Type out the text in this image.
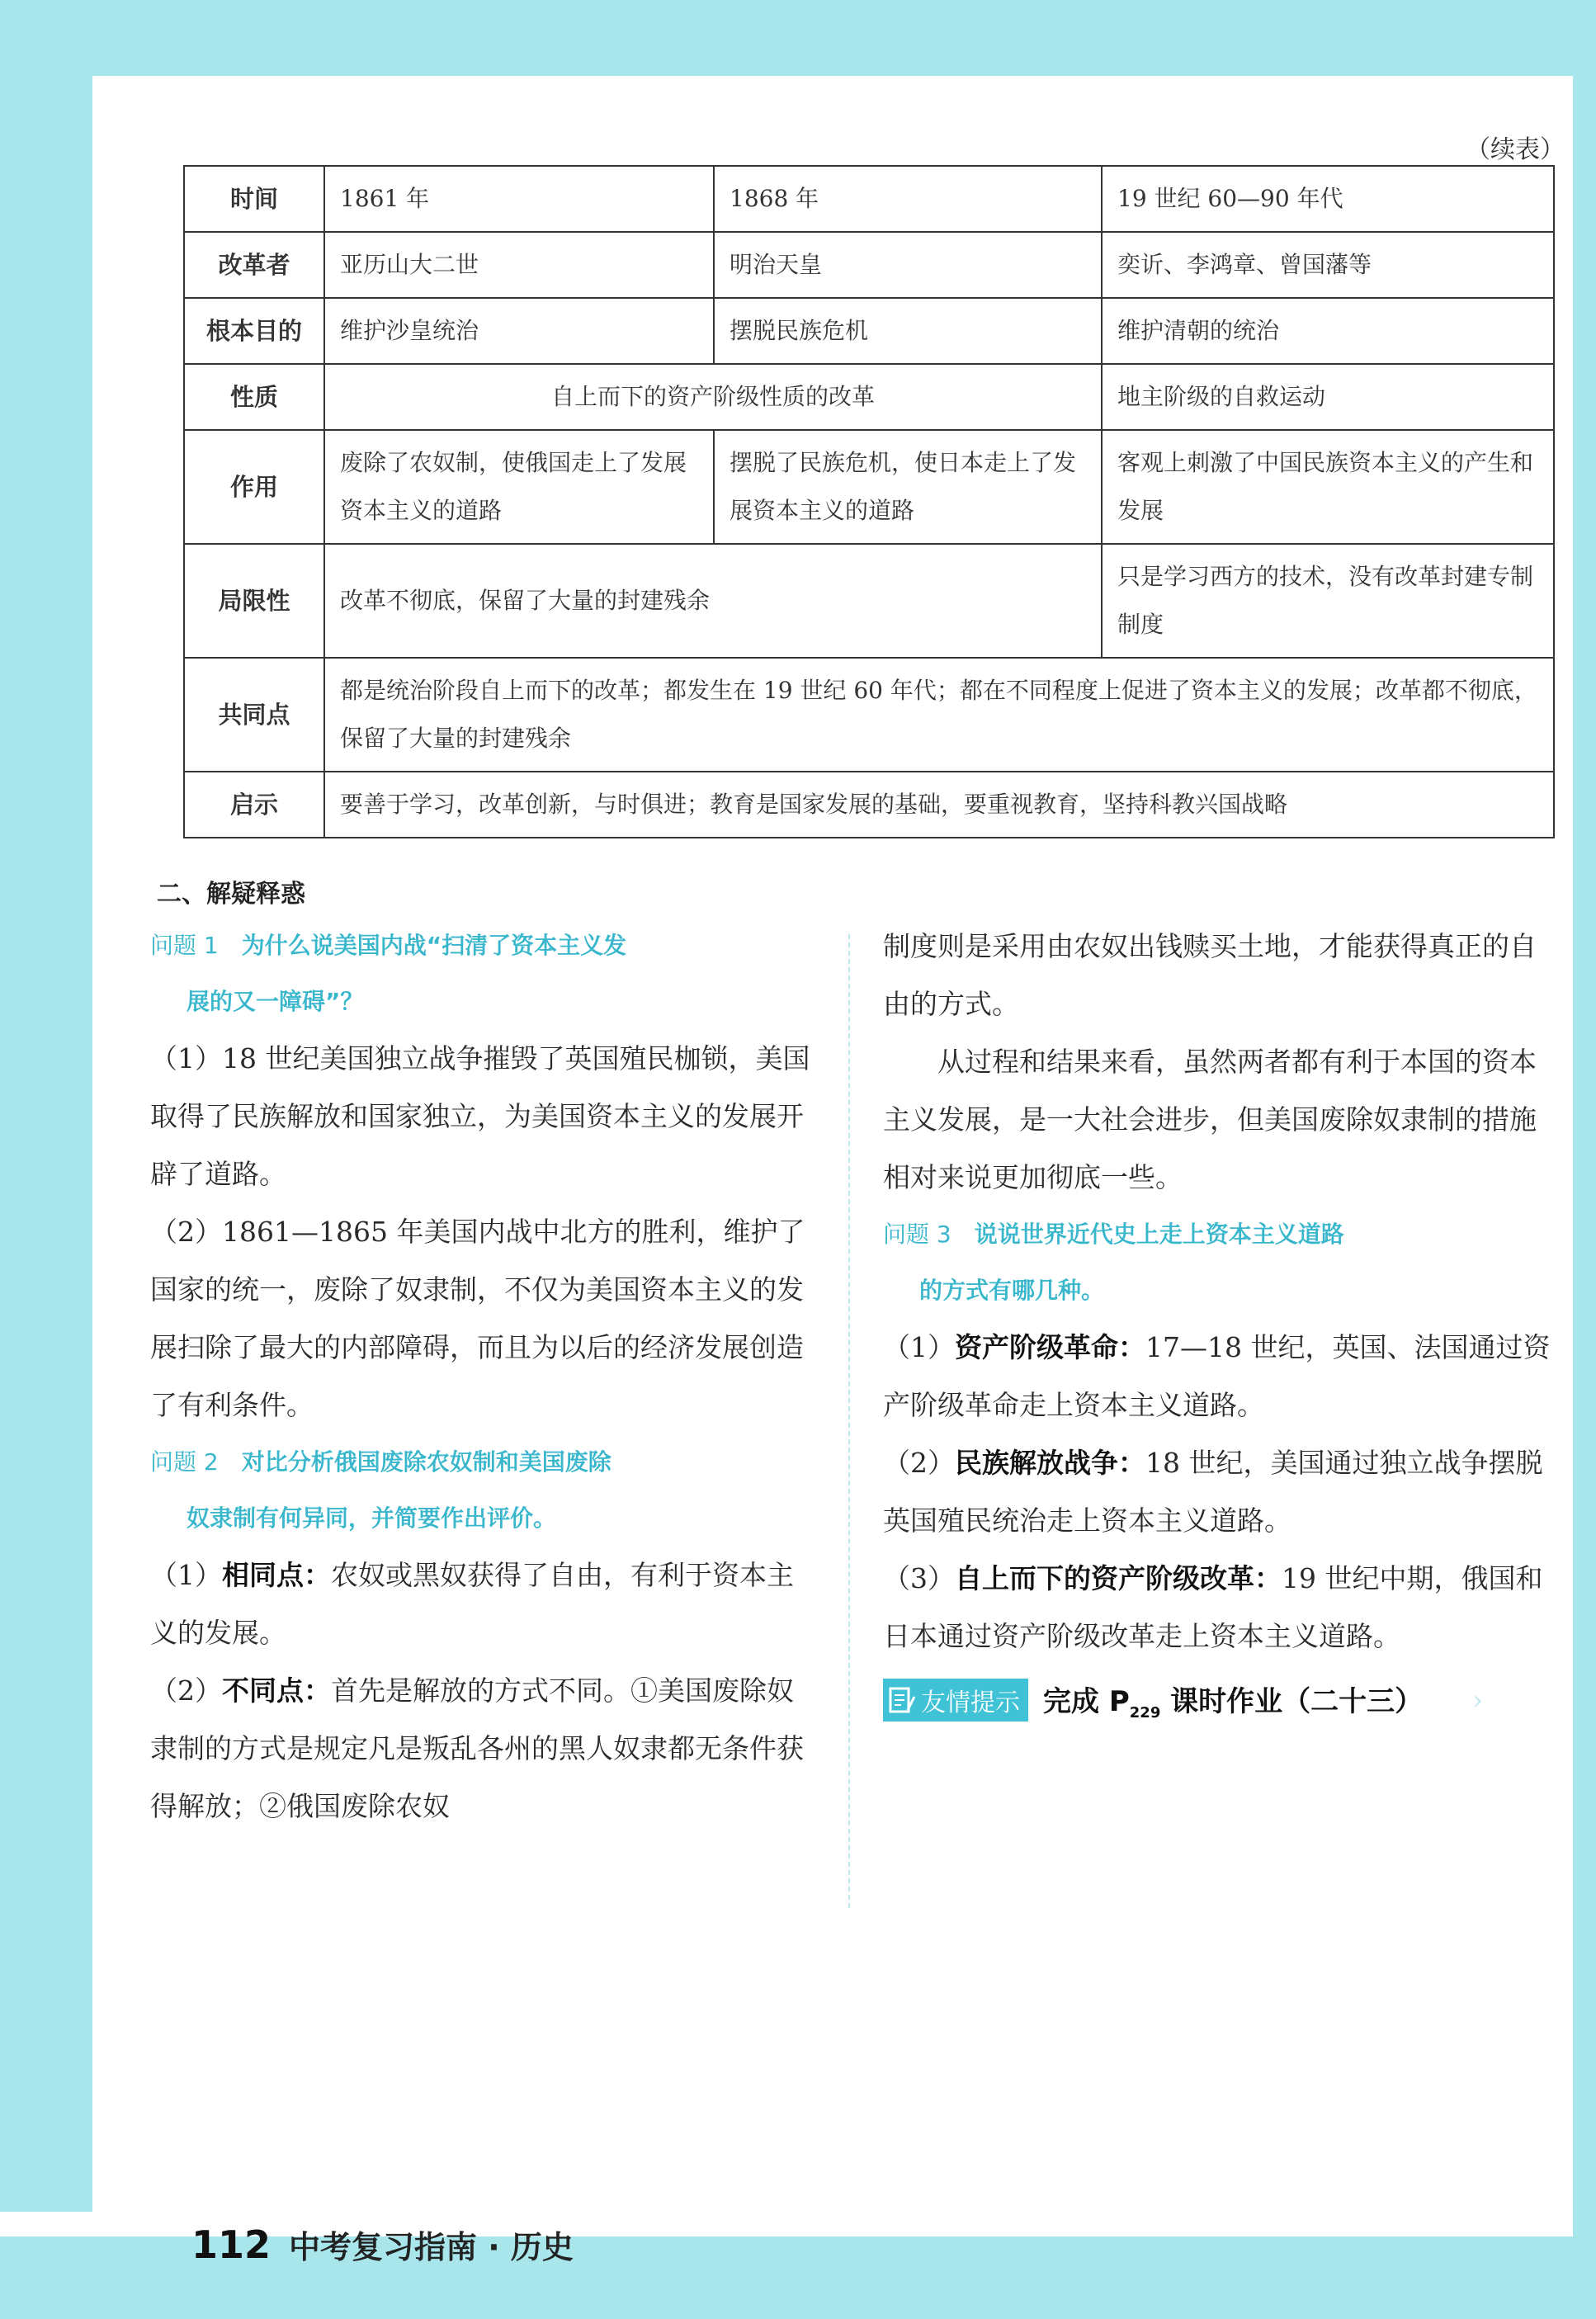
（续表）
时间	1861 年	1868 年	19 世纪 60—90 年代
改革者	亚历山大二世	明治天皇	奕䜣、李鸿章、曾国藩等
根本目的	维护沙皇统治	摆脱民族危机	维护清朝的统治
性质	自上而下的资产阶级性质的改革		地主阶级的自救运动
作用	废除了农奴制，使俄国走上了发展资本主义的道路	摆脱了民族危机，使日本走上了发展资本主义的道路	客观上刺激了中国民族资本主义的产生和发展
局限性	改革不彻底，保留了大量的封建残余		只是学习西方的技术，没有改革封建专制制度
共同点	都是统治阶段自上而下的改革；都发生在 19 世纪 60 年代；都在不同程度上促进了资本主义的发展；改革都不彻底，保留了大量的封建残余		
启示	要善于学习，改革创新，与时俱进；教育是国家发展的基础，要重视教育，坚持科教兴国战略		
二、解疑释惑
问题 1 为什么说美国内战“扫清了资本主义发
展的又一障碍”？

（1）18 世纪美国独立战争摧毁了英国殖民枷锁，美国取得了民族解放和国家独立，为美国资本主义的发展开辟了道路。

（2）1861—1865 年美国内战中北方的胜利，维护了国家的统一，废除了奴隶制，不仅为美国资本主义的发展扫除了最大的内部障碍，而且为以后的经济发展创造了有利条件。

问题 2 对比分析俄国废除农奴制和美国废除
奴隶制有何异同，并简要作出评价。

（1）相同点：农奴或黑奴获得了自由，有利于资本主义的发展。

（2）不同点：首先是解放的方式不同。①美国废除奴隶制的方式是规定凡是叛乱各州的黑人奴隶都无条件获得解放；②俄国废除农奴

制度则是采用由农奴出钱赎买土地，才能获得真正的自由的方式。

从过程和结果来看，虽然两者都有利于本国的资本主义发展，是一大社会进步，但美国废除奴隶制的措施相对来说更加彻底一些。

问题 3 说说世界近代史上走上资本主义道路
的方式有哪几种。

（1）资产阶级革命：17—18 世纪，英国、法国通过资产阶级革命走上资本主义道路。

（2）民族解放战争：18 世纪，美国通过独立战争摆脱英国殖民统治走上资本主义道路。

（3）自上而下的资产阶级改革：19 世纪中期，俄国和日本通过资产阶级改革走上资本主义道路。

友情提示 完成 $P_{229}$ 课时作业（二十三） ›
112 中考复习指南 · 历史
